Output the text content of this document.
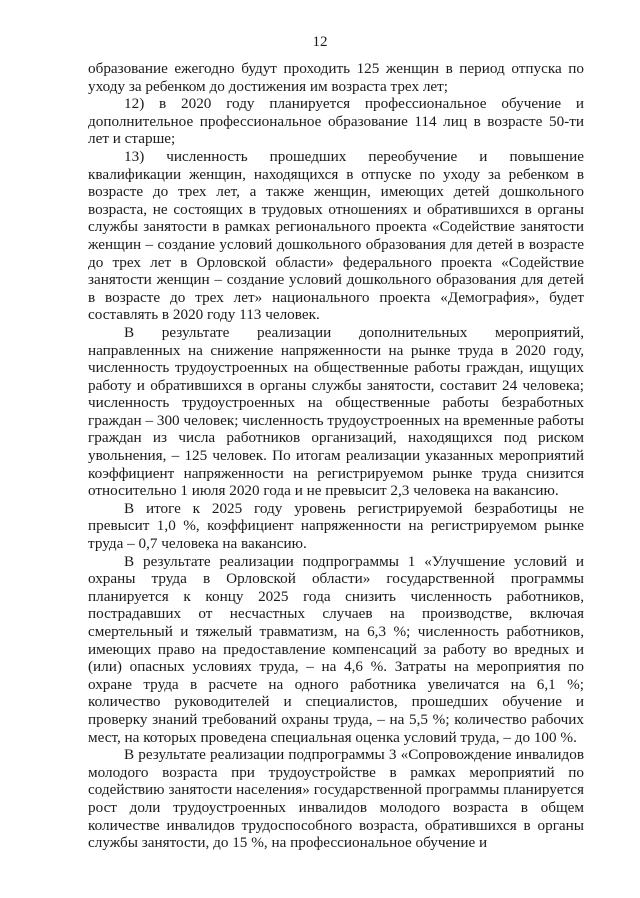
12

образование ежегодно будут проходить 125 женщин в период отпуска по уходу за ребенком до достижения им возраста трех лет;

12) в 2020 году планируется профессиональное обучение и дополнительное профессиональное образование 114 лиц в возрасте 50-ти лет и старше;

13) численность прошедших переобучение и повышение квалификации женщин, находящихся в отпуске по уходу за ребенком в возрасте до трех лет, а также женщин, имеющих детей дошкольного возраста, не состоящих в трудовых отношениях и обратившихся в органы службы занятости в рамках регионального проекта «Содействие занятости женщин – создание условий дошкольного образования для детей в возрасте до трех лет в Орловской области» федерального проекта «Содействие занятости женщин – создание условий дошкольного образования для детей в возрасте до трех лет» национального проекта «Демография», будет составлять в 2020 году 113 человек.

В результате реализации дополнительных мероприятий, направленных на снижение напряженности на рынке труда в 2020 году, численность трудоустроенных на общественные работы граждан, ищущих работу и обратившихся в органы службы занятости, составит 24 человека; численность трудоустроенных на общественные работы безработных граждан – 300 человек; численность трудоустроенных на временные работы граждан из числа работников организаций, находящихся под риском увольнения, – 125 человек. По итогам реализации указанных мероприятий коэффициент напряженности на регистрируемом рынке труда снизится относительно 1 июля 2020 года и не превысит 2,3 человека на вакансию.

В итоге к 2025 году уровень регистрируемой безработицы не превысит 1,0 %, коэффициент напряженности на регистрируемом рынке труда – 0,7 человека на вакансию.

В результате реализации подпрограммы 1 «Улучшение условий и охраны труда в Орловской области» государственной программы планируется к концу 2025 года снизить численность работников, пострадавших от несчастных случаев на производстве, включая смертельный и тяжелый травматизм, на 6,3 %; численность работников, имеющих право на предоставление компенсаций за работу во вредных и (или) опасных условиях труда, – на 4,6 %. Затраты на мероприятия по охране труда в расчете на одного работника увеличатся на 6,1 %; количество руководителей и специалистов, прошедших обучение и проверку знаний требований охраны труда, – на 5,5 %; количество рабочих мест, на которых проведена специальная оценка условий труда, – до 100 %.

В результате реализации подпрограммы 3 «Сопровождение инвалидов молодого возраста при трудоустройстве в рамках мероприятий по содействию занятости населения» государственной программы планируется рост доли трудоустроенных инвалидов молодого возраста в общем количестве инвалидов трудоспособного возраста, обратившихся в органы службы занятости, до 15 %, на профессиональное обучение и
